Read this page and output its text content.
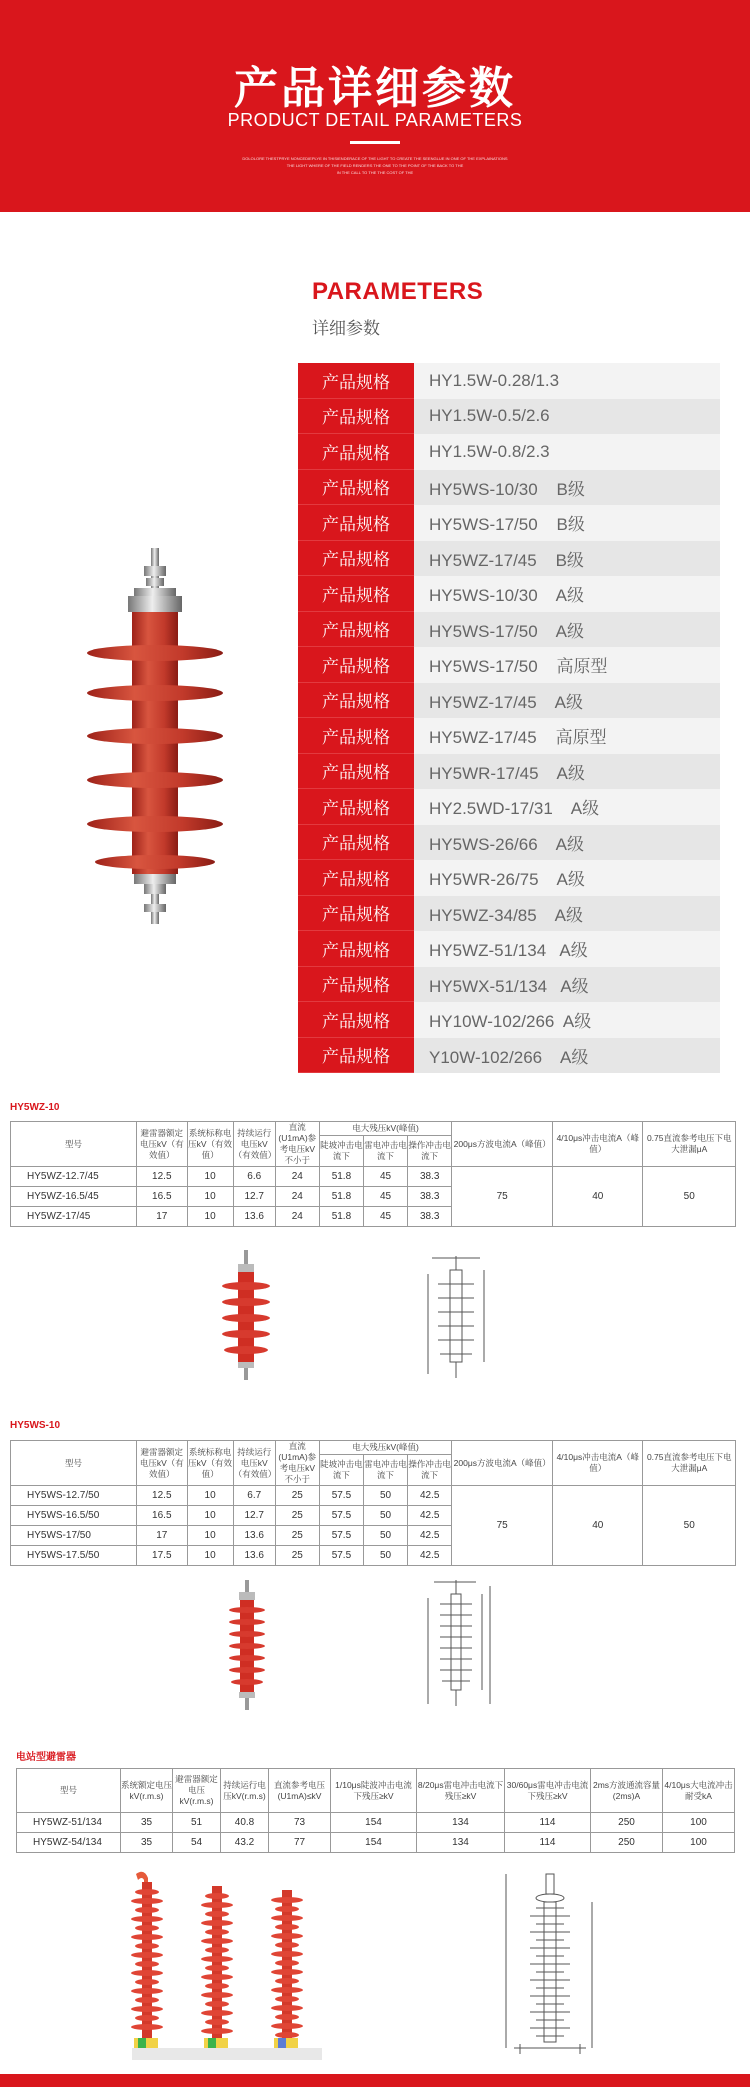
产品详细参数
PRODUCT DETAIL PARAMETERS
DOLOLORE THESTPRYE NONCEDIEPLYE IN THISIENDERACE OF THE LIGHT TO CREATE THE SEENGLUE IN ONE OF THE EXPLAINATIONS
THE LIGHT WHERE OF THE FIELD RENDERS THE ONE TO THE POINT OF THE BACK TO THE
IN THE CALL TO THE THE COST OF THE
PARAMETERS
详细参数
产品规格	HY1.5W-0.28/1.3
产品规格	HY1.5W-0.5/2.6
产品规格	HY1.5W-0.8/2.3
产品规格	HY5WS-10/30    B级
产品规格	HY5WS-17/50    B级
产品规格	HY5WZ-17/45    B级
产品规格	HY5WS-10/30    A级
产品规格	HY5WS-17/50    A级
产品规格	HY5WS-17/50    高原型
产品规格	HY5WZ-17/45    A级
产品规格	HY5WZ-17/45    高原型
产品规格	HY5WR-17/45    A级
产品规格	HY2.5WD-17/31    A级
产品规格	HY5WS-26/66    A级
产品规格	HY5WR-26/75    A级
产品规格	HY5WZ-34/85    A级
产品规格	HY5WZ-51/134   A级
产品规格	HY5WX-51/134   A级
产品规格	HY10W-102/266  A级
产品规格	Y10W-102/266    A级
HY5WZ-10
型号	避雷器额定电压kV（有效值）	系统标称电压kV（有效值）	持续运行电压kV（有效值）	直流(U1mA)参考电压kV不小于	电大残压kV(峰值)			200μs方波电流A（峰值）	4/10μs冲击电流A（峰值）	0.75直流参考电压下电大泄漏μA
					陡坡冲击电流下	雷电冲击电流下	操作冲击电流下			
HY5WZ-12.7/45	12.5	10	6.6	24	51.8	45	38.3	75	40	50
HY5WZ-16.5/45	16.5	10	12.7	24	51.8	45	38.3			
HY5WZ-17/45	17	10	13.6	24	51.8	45	38.3			
HY5WS-10
型号	避雷器额定电压kV（有效值）	系统标称电压kV（有效值）	持续运行电压kV（有效值）	直流(U1mA)参考电压kV不小于	电大残压kV(峰值)			200μs方波电流A（峰值）	4/10μs冲击电流A（峰值）	0.75直流参考电压下电大泄漏μA
					陡坡冲击电流下	雷电冲击电流下	操作冲击电流下			
HY5WS-12.7/50	12.5	10	6.7	25	57.5	50	42.5	75	40	50
HY5WS-16.5/50	16.5	10	12.7	25	57.5	50	42.5			
HY5WS-17/50	17	10	13.6	25	57.5	50	42.5			
HY5WS-17.5/50	17.5	10	13.6	25	57.5	50	42.5			
电站型避雷器
型号	系统额定电压kV(r.m.s)	避雷器额定电压kV(r.m.s)	持续运行电压kV(r.m.s)	直流参考电压(U1mA)≤kV	1/10μs陡波冲击电流下残压≥kV	8/20μs雷电冲击电流下残压≥kV	30/60μs雷电冲击电流下残压≥kV	2ms方波通流容量(2ms)A	4/10μs大电流冲击耐受kA
HY5WZ-51/134	35	51	40.8	73	154	134	114	250	100
HY5WZ-54/134	35	54	43.2	77	154	134	114	250	100
